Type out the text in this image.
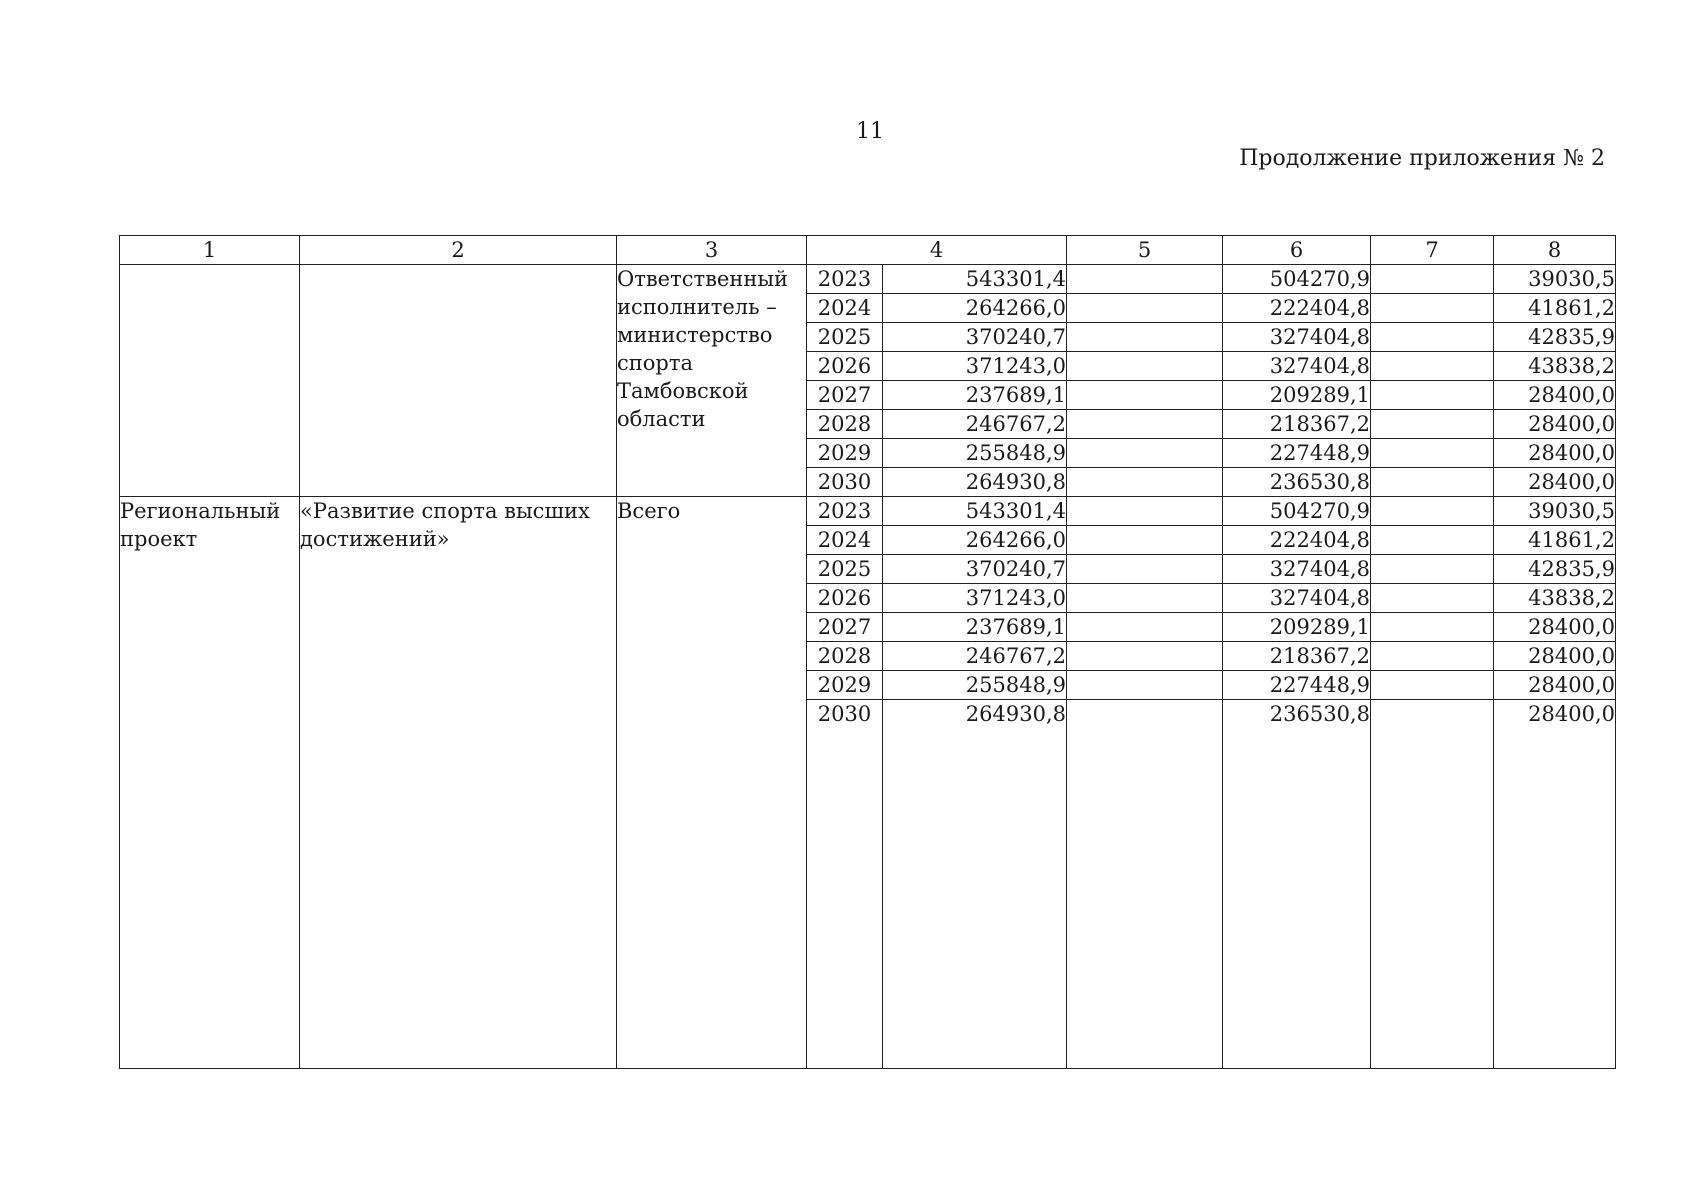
11
Продолжение приложения № 2
1	2	3	4		5	6	7	8
		Ответственный исполнитель – министерство спорта Тамбовской области	2023	543301,4		504270,9		39030,5
			2024	264266,0		222404,8		41861,2
			2025	370240,7		327404,8		42835,9
			2026	371243,0		327404,8		43838,2
			2027	237689,1		209289,1		28400,0
			2028	246767,2		218367,2		28400,0
			2029	255848,9		227448,9		28400,0
			2030	264930,8		236530,8		28400,0
Региональный проект	«Развитие спорта высших достижений»	Всего	2023	543301,4		504270,9		39030,5
			2024	264266,0		222404,8		41861,2
			2025	370240,7		327404,8		42835,9
			2026	371243,0		327404,8		43838,2
			2027	237689,1		209289,1		28400,0
			2028	246767,2		218367,2		28400,0
			2029	255848,9		227448,9		28400,0
			2030	264930,8		236530,8		28400,0
